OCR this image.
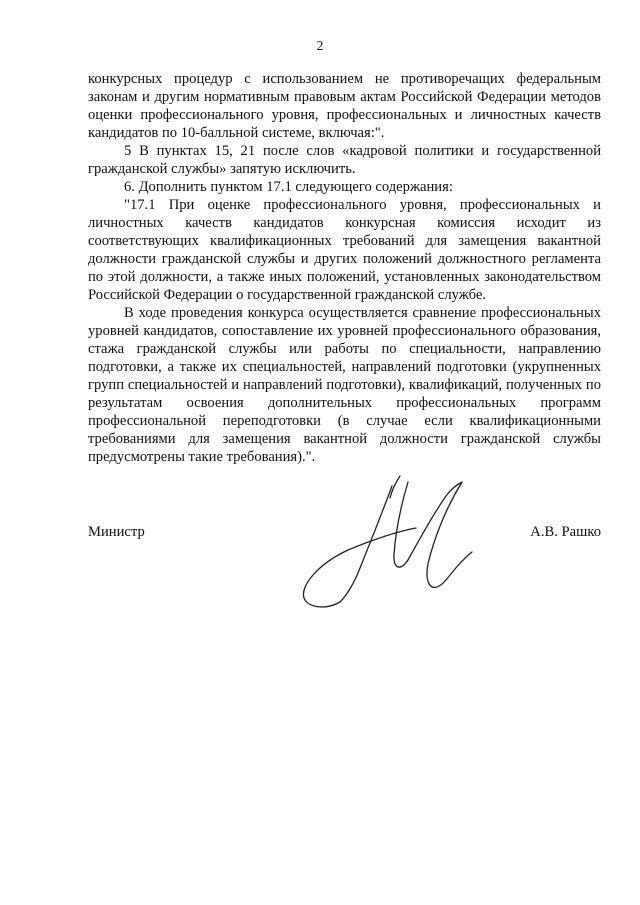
2

конкурсных процедур с использованием не противоречащих федеральным законам и другим нормативным правовым актам Российской Федерации методов оценки профессионального уровня, профессиональных и личностных качеств кандидатов по 10-балльной системе, включая:".

5 В пунктах 15, 21 после слов «кадровой политики и государственной гражданской службы» запятую исключить.

6. Дополнить пунктом 17.1 следующего содержания:

"17.1 При оценке профессионального уровня, профессиональных и личностных качеств кандидатов конкурсная комиссия исходит из соответствующих квалификационных требований для замещения вакантной должности гражданской службы и других положений должностного регламента по этой должности, а также иных положений, установленных законодательством Российской Федерации о государственной гражданской службе.

В ходе проведения конкурса осуществляется сравнение профессиональных уровней кандидатов, сопоставление их уровней профессионального образования, стажа гражданской службы или работы по специальности, направлению подготовки, а также их специальностей, направлений подготовки (укрупненных групп специальностей и направлений подготовки), квалификаций, полученных по результатам освоения дополнительных профессиональных программ профессиональной переподготовки (в случае если квалификационными требованиями для замещения вакантной должности гражданской службы предусмотрены такие требования).".

Министр	А.В. Рашко
